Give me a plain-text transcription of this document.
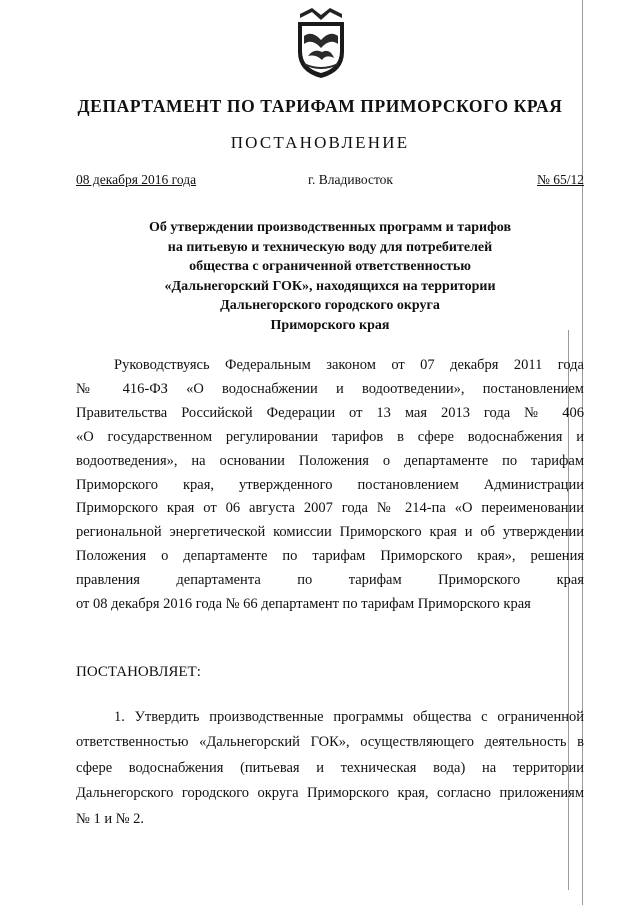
ДЕПАРТАМЕНТ ПО ТАРИФАМ ПРИМОРСКОГО КРАЯ
ПОСТАНОВЛЕНИЕ
08 декабря 2016 года	г. Владивосток	№ 65/12
Об утверждении производственных программ и тарифов
на питьевую и техническую воду для потребителей
общества с ограниченной ответственностью
«Дальнегорский ГОК», находящихся на территории
Дальнегорского городского округа
Приморского края
Руководствуясь Федеральным законом от 07 декабря 2011 года
№ 416-ФЗ «О водоснабжении и водоотведении», постановлением
Правительства Российской Федерации от 13 мая 2013 года № 406
«О государственном регулировании тарифов в сфере водоснабжения и
водоотведения», на основании Положения о департаменте по тарифам
Приморского края, утвержденного постановлением Администрации
Приморского края от 06 августа 2007 года № 214-па «О переименовании
региональной энергетической комиссии Приморского края и об утверждении
Положения о департаменте по тарифам Приморского края», решения
правления департамента по тарифам Приморского края
от 08 декабря 2016 года № 66 департамент по тарифам Приморского края
ПОСТАНОВЛЯЕТ:
1. Утвердить производственные программы общества с ограниченной
ответственностью «Дальнегорский ГОК», осуществляющего деятельность в
сфере водоснабжения (питьевая и техническая вода) на территории
Дальнегорского городского округа Приморского края, согласно приложениям
№ 1 и № 2.
